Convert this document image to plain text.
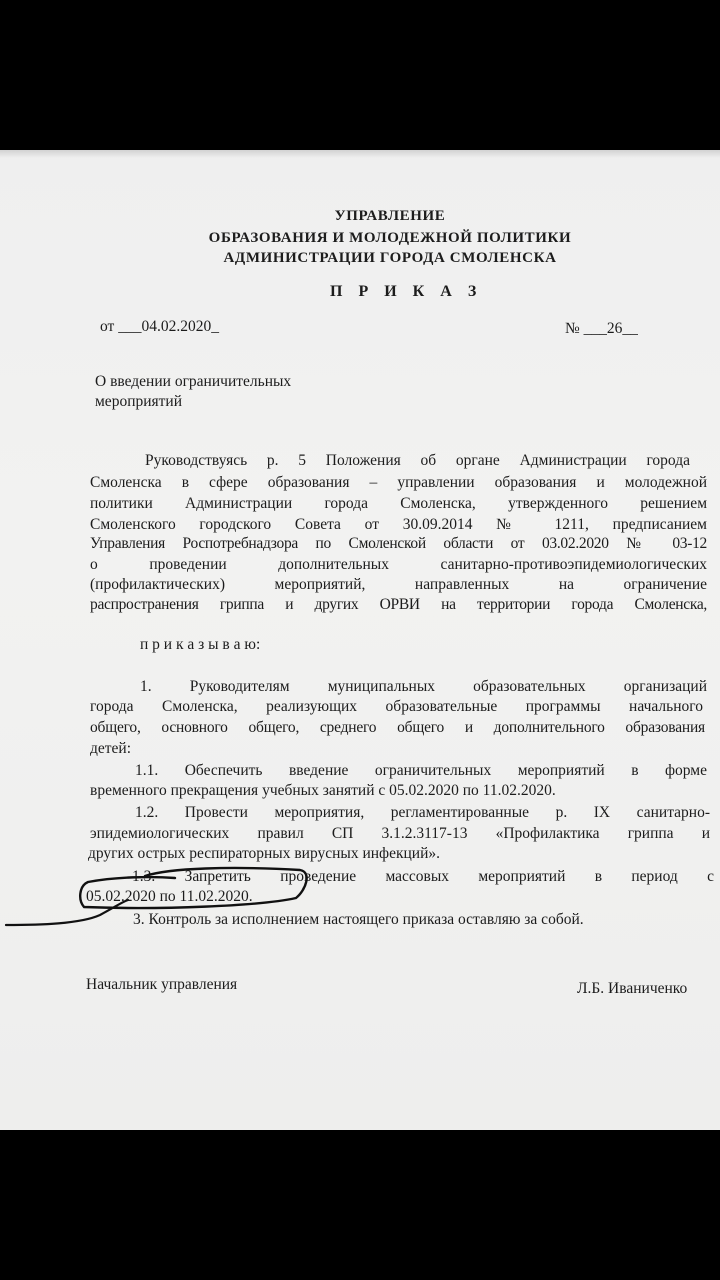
УПРАВЛЕНИЕ
ОБРАЗОВАНИЯ И МОЛОДЕЖНОЙ ПОЛИТИКИ
АДМИНИСТРАЦИИ ГОРОДА СМОЛЕНСКА
П Р И К А З
от ___04.02.2020_	№ ___26__
О введении ограничительных
мероприятий
Руководствуясь р. 5 Положения об органе Администрации города
Смоленска в сфере образования – управлении образования и молодежной
политики Администрации города Смоленска, утвержденного решением
Смоленского городского Совета от 30.09.2014 № 1211, предписанием
Управления Роспотребнадзора по Смоленской области от 03.02.2020 № 03-12
о проведении дополнительных санитарно-противоэпидемиологических
(профилактических) мероприятий, направленных на ограничение
распространения гриппа и других ОРВИ на территории города Смоленска,
п р и к а з ы в а ю:
1. Руководителям муниципальных образовательных организаций
города Смоленска, реализующих образовательные программы начального
общего, основного общего, среднего общего и дополнительного образования
детей:
1.1. Обеспечить введение ограничительных мероприятий в форме
временного прекращения учебных занятий с 05.02.2020 по 11.02.2020.
1.2. Провести мероприятия, регламентированные р. IX санитарно-
эпидемиологических правил СП 3.1.2.3117-13 «Профилактика гриппа и
других острых респираторных вирусных инфекций».
1.3. Запретить проведение массовых мероприятий в период с
05.02.2020 по 11.02.2020.
3. Контроль за исполнением настоящего приказа оставляю за собой.
Начальник управления	Л.Б. Иваниченко
